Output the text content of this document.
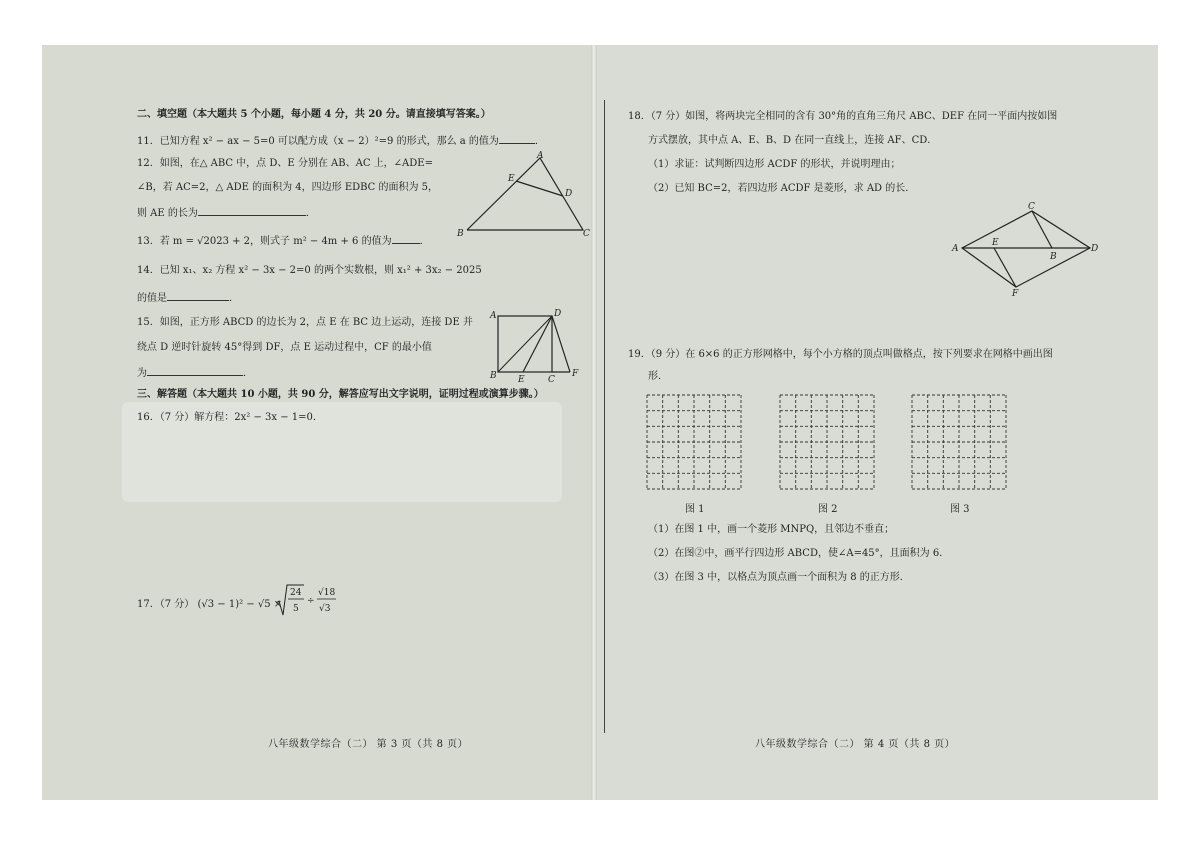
二、填空题（本大题共 5 个小题，每小题 4 分，共 20 分。请直接填写答案。）
11．已知方程 x² − ax − 5=0 可以配方成（x − 2）²=9 的形式，那么 a 的值为	．
12．如图，在△ ABC 中，点 D、E 分别在 AB、AC 上，∠ADE=
∠B，若 AC=2，△ ADE 的面积为 4，四边形 EDBC 的面积为 5，
则 AE 的长为	．
A
E
D
B	C
13．若 m = √2023 + 2，则式子 m² − 4m + 6 的值为	．
14．已知 x₁、x₂ 方程 x² − 3x − 2=0 的两个实数根，则 x₁² + 3x₂ − 2025
的值是	．
15．如图，正方形 ABCD 的边长为 2，点 E 在 BC 边上运动，连接 DE 并
绕点 D 逆时针旋转 45°得到 DF，点 E 运动过程中，CF 的最小值
为	．
A	D
B E	C
F
三、解答题（本大题共 10 小题，共 90 分，解答应写出文字说明，证明过程或演算步骤。）
16．（7 分）解方程：2x² − 3x − 1=0．
17．（7 分） (√3 − 1)² − √5 ×
24
5
÷
√18
√3
八年级数学综合（二） 第 3 页（共 8 页）
18．（7 分）如图，将两块完全相同的含有 30°角的直角三角尺 ABC、DEF 在同一平面内按如图
方式摆放，其中点 A、E、B、D 在同一直线上，连接 AF、CD．
（1）求证：试判断四边形 ACDF 的形状，并说明理由；
（2）已知 BC=2，若四边形 ACDF 是菱形，求 AD 的长．
C
A
E
B
D
F
19．（9 分）在 6×6 的正方形网格中，每个小方格的顶点叫做格点，按下列要求在网格中画出图
形．
图 1	图 2	图 3
（1）在图 1 中，画一个菱形 MNPQ，且邻边不垂直；
（2）在图②中，画平行四边形 ABCD，使∠A=45°，且面积为 6．
（3）在图 3 中，以格点为顶点画一个面积为 8 的正方形．
八年级数学综合（二） 第 4 页（共 8 页）
